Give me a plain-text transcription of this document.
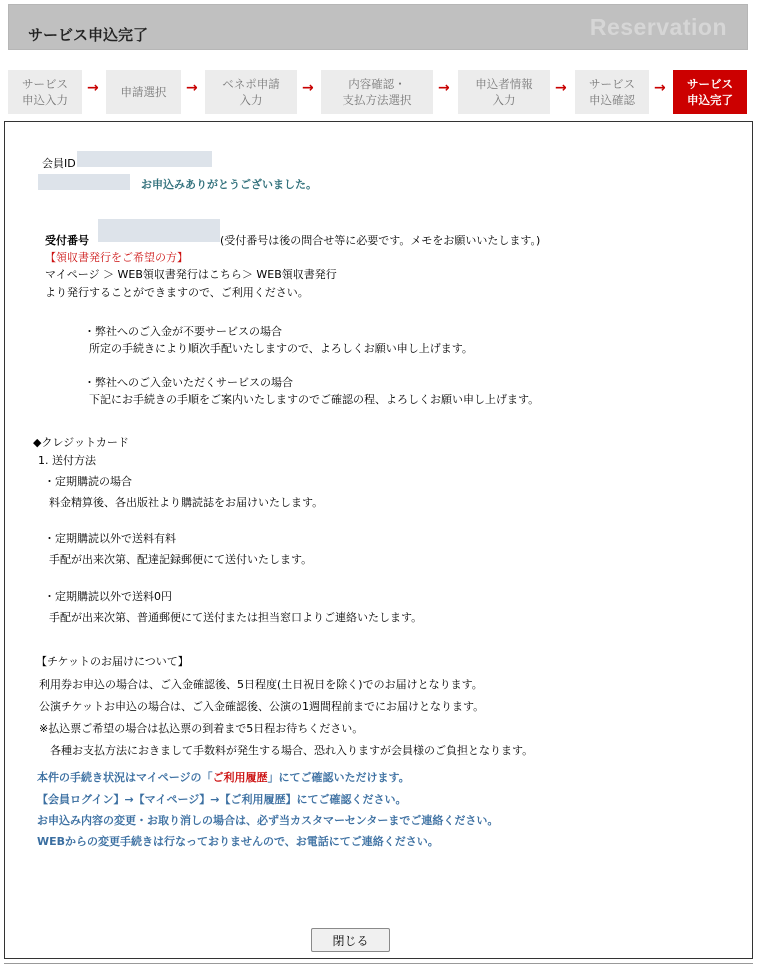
サービス申込完了	Reservation
サービス
申込入力
→	申請選択	→	ベネポ申請
入力
→	内容確認・
支払方法選択
→	申込者情報
入力
→	サービス
申込確認
→	サービス
申込完了
会員ID
お申込みありがとうございました。
受付番号	(受付番号は後の問合せ等に必要です。メモをお願いいたします。)
【領収書発行をご希望の方】
マイページ ＞ WEB領収書発行はこちら＞ WEB領収書発行
より発行することができますので、ご利用ください。
・弊社へのご入金が不要サービスの場合
所定の手続きにより順次手配いたしますので、よろしくお願い申し上げます。
・弊社へのご入金いただくサービスの場合
下記にお手続きの手順をご案内いたしますのでご確認の程、よろしくお願い申し上げます。
◆クレジットカード
1. 送付方法
・定期購読の場合
料金精算後、各出版社より購読誌をお届けいたします。
・定期購読以外で送料有料
手配が出来次第、配達記録郵便にて送付いたします。
・定期購読以外で送料0円
手配が出来次第、普通郵便にて送付または担当窓口よりご連絡いたします。
【チケットのお届けについて】
利用券お申込の場合は、ご入金確認後、5日程度(土日祝日を除く)でのお届けとなります。
公演チケットお申込の場合は、ご入金確認後、公演の1週間程前までにお届けとなります。
※払込票ご希望の場合は払込票の到着まで5日程お待ちください。
　各種お支払方法におきまして手数料が発生する場合、恐れ入りますが会員様のご負担となります。
本件の手続き状況はマイページの「ご利用履歴」にてご確認いただけます。
【会員ログイン】→【マイページ】→【ご利用履歴】にてご確認ください。
お申込み内容の変更・お取り消しの場合は、必ず当カスタマーセンターまでご連絡ください。
WEBからの変更手続きは行なっておりませんので、お電話にてご連絡ください。
閉じる
